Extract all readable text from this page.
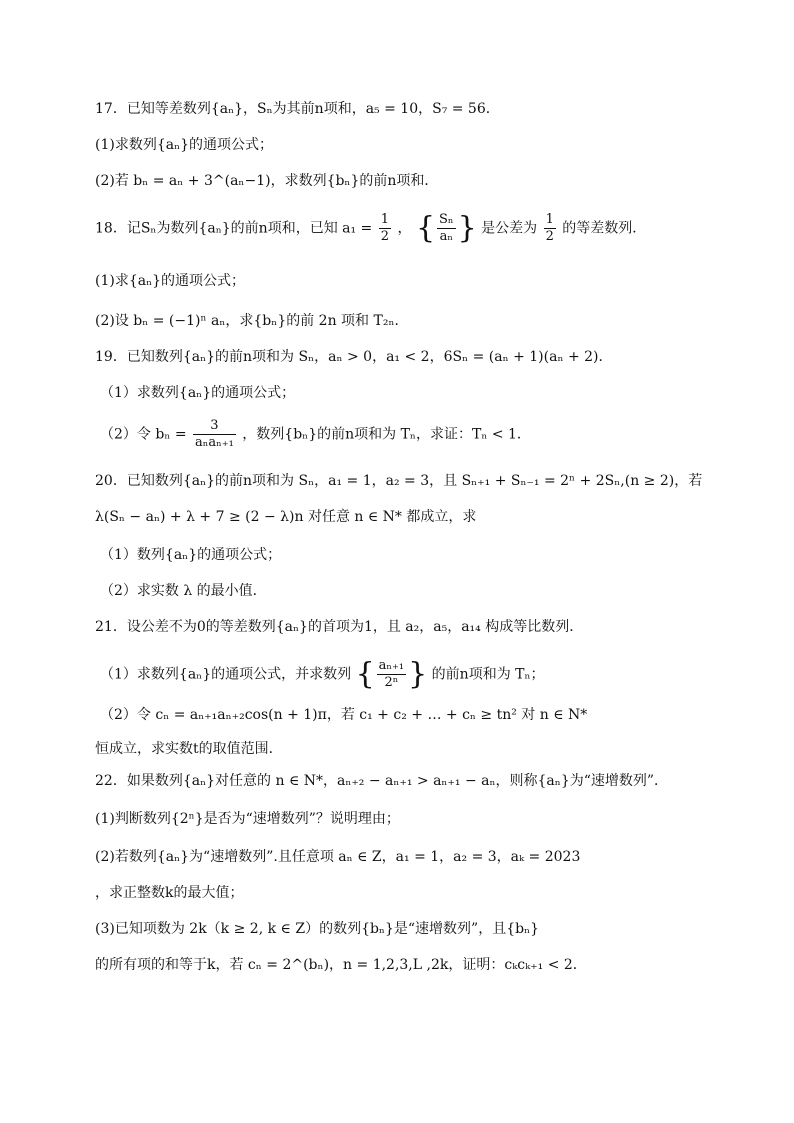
17．已知等差数列{aₙ}，Sₙ为其前n项和，a₅ = 10，S₇ = 56．
(1)求数列{aₙ}的通项公式；
(2)若 bₙ = aₙ + 3^(aₙ−1)，求数列{bₙ}的前n项和．
18．记Sₙ为数列{aₙ}的前n项和，已知 $a_1 = \frac{1}{2}$ ， { $\frac{\text{Sₙ}}{\text{aₙ}}$ } 是公差为 $\frac{1}{2}$ 的等差数列．
(1)求{aₙ}的通项公式；
(2)设 bₙ = (−1)ⁿ aₙ，求{bₙ}的前 2n 项和 T₂ₙ．
19．已知数列{aₙ}的前n项和为 Sₙ，aₙ > 0，a₁ < 2，6Sₙ = (aₙ + 1)(aₙ + 2)．
（1）求数列{aₙ}的通项公式；
（2）令 $b_n = \frac{3}{\text{aₙaₙ₊₁}}$ ，数列{bₙ}的前n项和为 Tₙ，求证：Tₙ < 1．
20．已知数列{aₙ}的前n项和为 Sₙ，a₁ = 1，a₂ = 3，且 Sₙ₊₁ + Sₙ₋₁ = 2ⁿ + 2Sₙ,(n ≥ 2)，若
λ(Sₙ − aₙ) + λ + 7 ≥ (2 − λ)n 对任意 n ∈ N* 都成立，求
（1）数列{aₙ}的通项公式；
（2）求实数 λ 的最小值．
21．设公差不为0的等差数列{aₙ}的首项为1，且 a₂，a₅，a₁₄ 构成等比数列．
（1）求数列{aₙ}的通项公式，并求数列 { $\frac{\text{aₙ₊₁}}{\text{2ⁿ}}$ } 的前n项和为 Tₙ；
（2）令 cₙ = aₙ₊₁aₙ₊₂cos(n + 1)π，若 c₁ + c₂ + … + cₙ ≥ tn² 对 n ∈ N*
恒成立，求实数t的取值范围．
22．如果数列{aₙ}对任意的 n ∈ N*，aₙ₊₂ − aₙ₊₁ > aₙ₊₁ − aₙ，则称{aₙ}为“速增数列”．
(1)判断数列{2ⁿ}是否为“速增数列”？说明理由；
(2)若数列{aₙ}为“速增数列”.且任意项 aₙ ∈ Z，a₁ = 1，a₂ = 3，aₖ = 2023
，求正整数k的最大值；
(3)已知项数为 2k（k ≥ 2, k ∈ Z）的数列{bₙ}是“速增数列”，且{bₙ}
的所有项的和等于k，若 cₙ = 2^(bₙ)，n = 1,2,3,L ,2k，证明：cₖcₖ₊₁ < 2．
